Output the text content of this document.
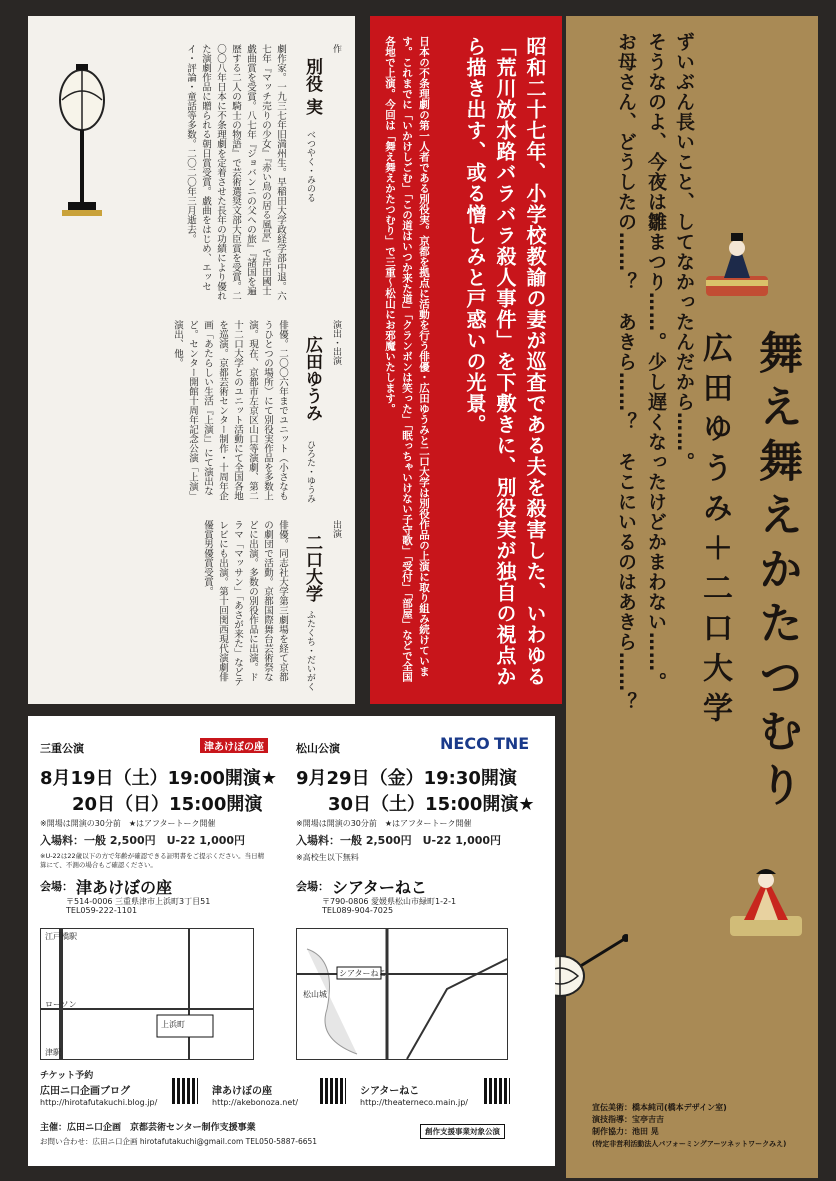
お母さん、どうしたの……？　あきら……？　そこにいるのはあきら……？ そうなのよ、今夜は雛まつり……。少し遅くなったけどかまわない……。 ずいぶん長いこと、してなかったんだから……。
舞え舞えかたつむり
広田ゆうみ＋二口大学
作
別役 実
べつやく・みのる
劇作家。一九三七年旧満州生。早稲田大学政経学部中退。六七年『マッチ売りの少女』『赤い鳥の居る風景』で岸田國士戯曲賞を受賞。八七年『ジョバンニの父への旅』『諸国を遍歴する二人の騎士の物語』で芸術選奨文部大臣賞を受賞。二〇〇八年日本に不条理劇を定着させた長年の功績により優れた演劇作品に贈られる朝日賞受賞。戯曲をはじめ、エッセイ・評論・童話等多数。二〇二〇年三月逝去。
演出・出演
広田ゆうみ
ひろた・ゆうみ
俳優。二〇〇六年までユニット（小さなもうひとつの場所）にて別役実作品を多数上演。現在、京都市左京区山口等演劇、第二十二口大学とのユニット活動にて全国各地を巡演。京都芸術センター制作・十周年企画「あたらしい生活『上演』」にて演出など。センター開館十周年記念公演「上演」演出、他。
出演
二口大学
ふたくち・だいがく
俳優。同志社大学第三劇場を経て京都の劇団で活動。京都国際舞台芸術祭などに出演。多数の別役作品に出演。ドラマ「マッサン」「あさが来た」などテレビにも出演。第十回関西現代演劇俳優賞男優賞受賞。	昭和二十七年、小学校教諭の妻が巡査である夫を殺害した、いわゆる「荒川放水路バラバラ殺人事件」を下敷きに、別役実が独自の視点から描き出す、或る憎しみと戸惑いの光景。
日本の不条理劇の第一人者である別役実。京都を拠点に活動を行う俳優・広田ゆうみと二口大学は別役作品の上演に取り組み続けています。これまでに「いかけしごむ」「この道はいつか来た道」「クランボンは笑った」「眠っちゃいけない子守歌」「受付」「部屋」などで全国各地で上演。今回は「舞え舞えかたつむり」で三重～松山にお邪魔いたします。
三重公演	津あけぼの座
8月19日（土）19:00開演★
20日（日）15:00開演
※開場は開演の30分前　★はアフタートーク開催
入場料：一般 2,500円　U-22 1,000円
※U-22は22歳以下の方で年齢が確認できる証明書をご提示ください。当日精算にて、不測の場合もご確認ください。
会場： 津あけぼの座
〒514-0006 三重県津市上浜町3丁目51
TEL059-222-1101
江戸橋駅
ローソン
津駅
上浜町
松山公演	NECO TNE
9月29日（金）19:30開演
30日（土）15:00開演★
※開場は開演の30分前　★はアフタートーク開催
入場料：一般 2,500円　U-22 1,000円
※高校生以下無料
会場： シアターねこ
〒790-0806 愛媛県松山市緑町1-2-1
TEL089-904-7025
シアターねこ
松山城
チケット予約
広田ニ口企画ブログ
http://hirotafutakuchi.blog.jp/
津あけぼの座
http://akebonoza.net/
シアターねこ
http://theaterneco.main.jp/
主催：広田ニ口企画　京都芸術センター制作支援事業
お問い合わせ：広田ニ口企画 hirotafutakuchi@gmail.com TEL050-5887-6651
創作支援事業対象公演
宣伝美術：橋本純司(橋本デザイン室)
演技指導：宝亭吉吉
制作協力：池田 晃
(特定非営利活動法人パフォーミングアーツネットワークみえ)
